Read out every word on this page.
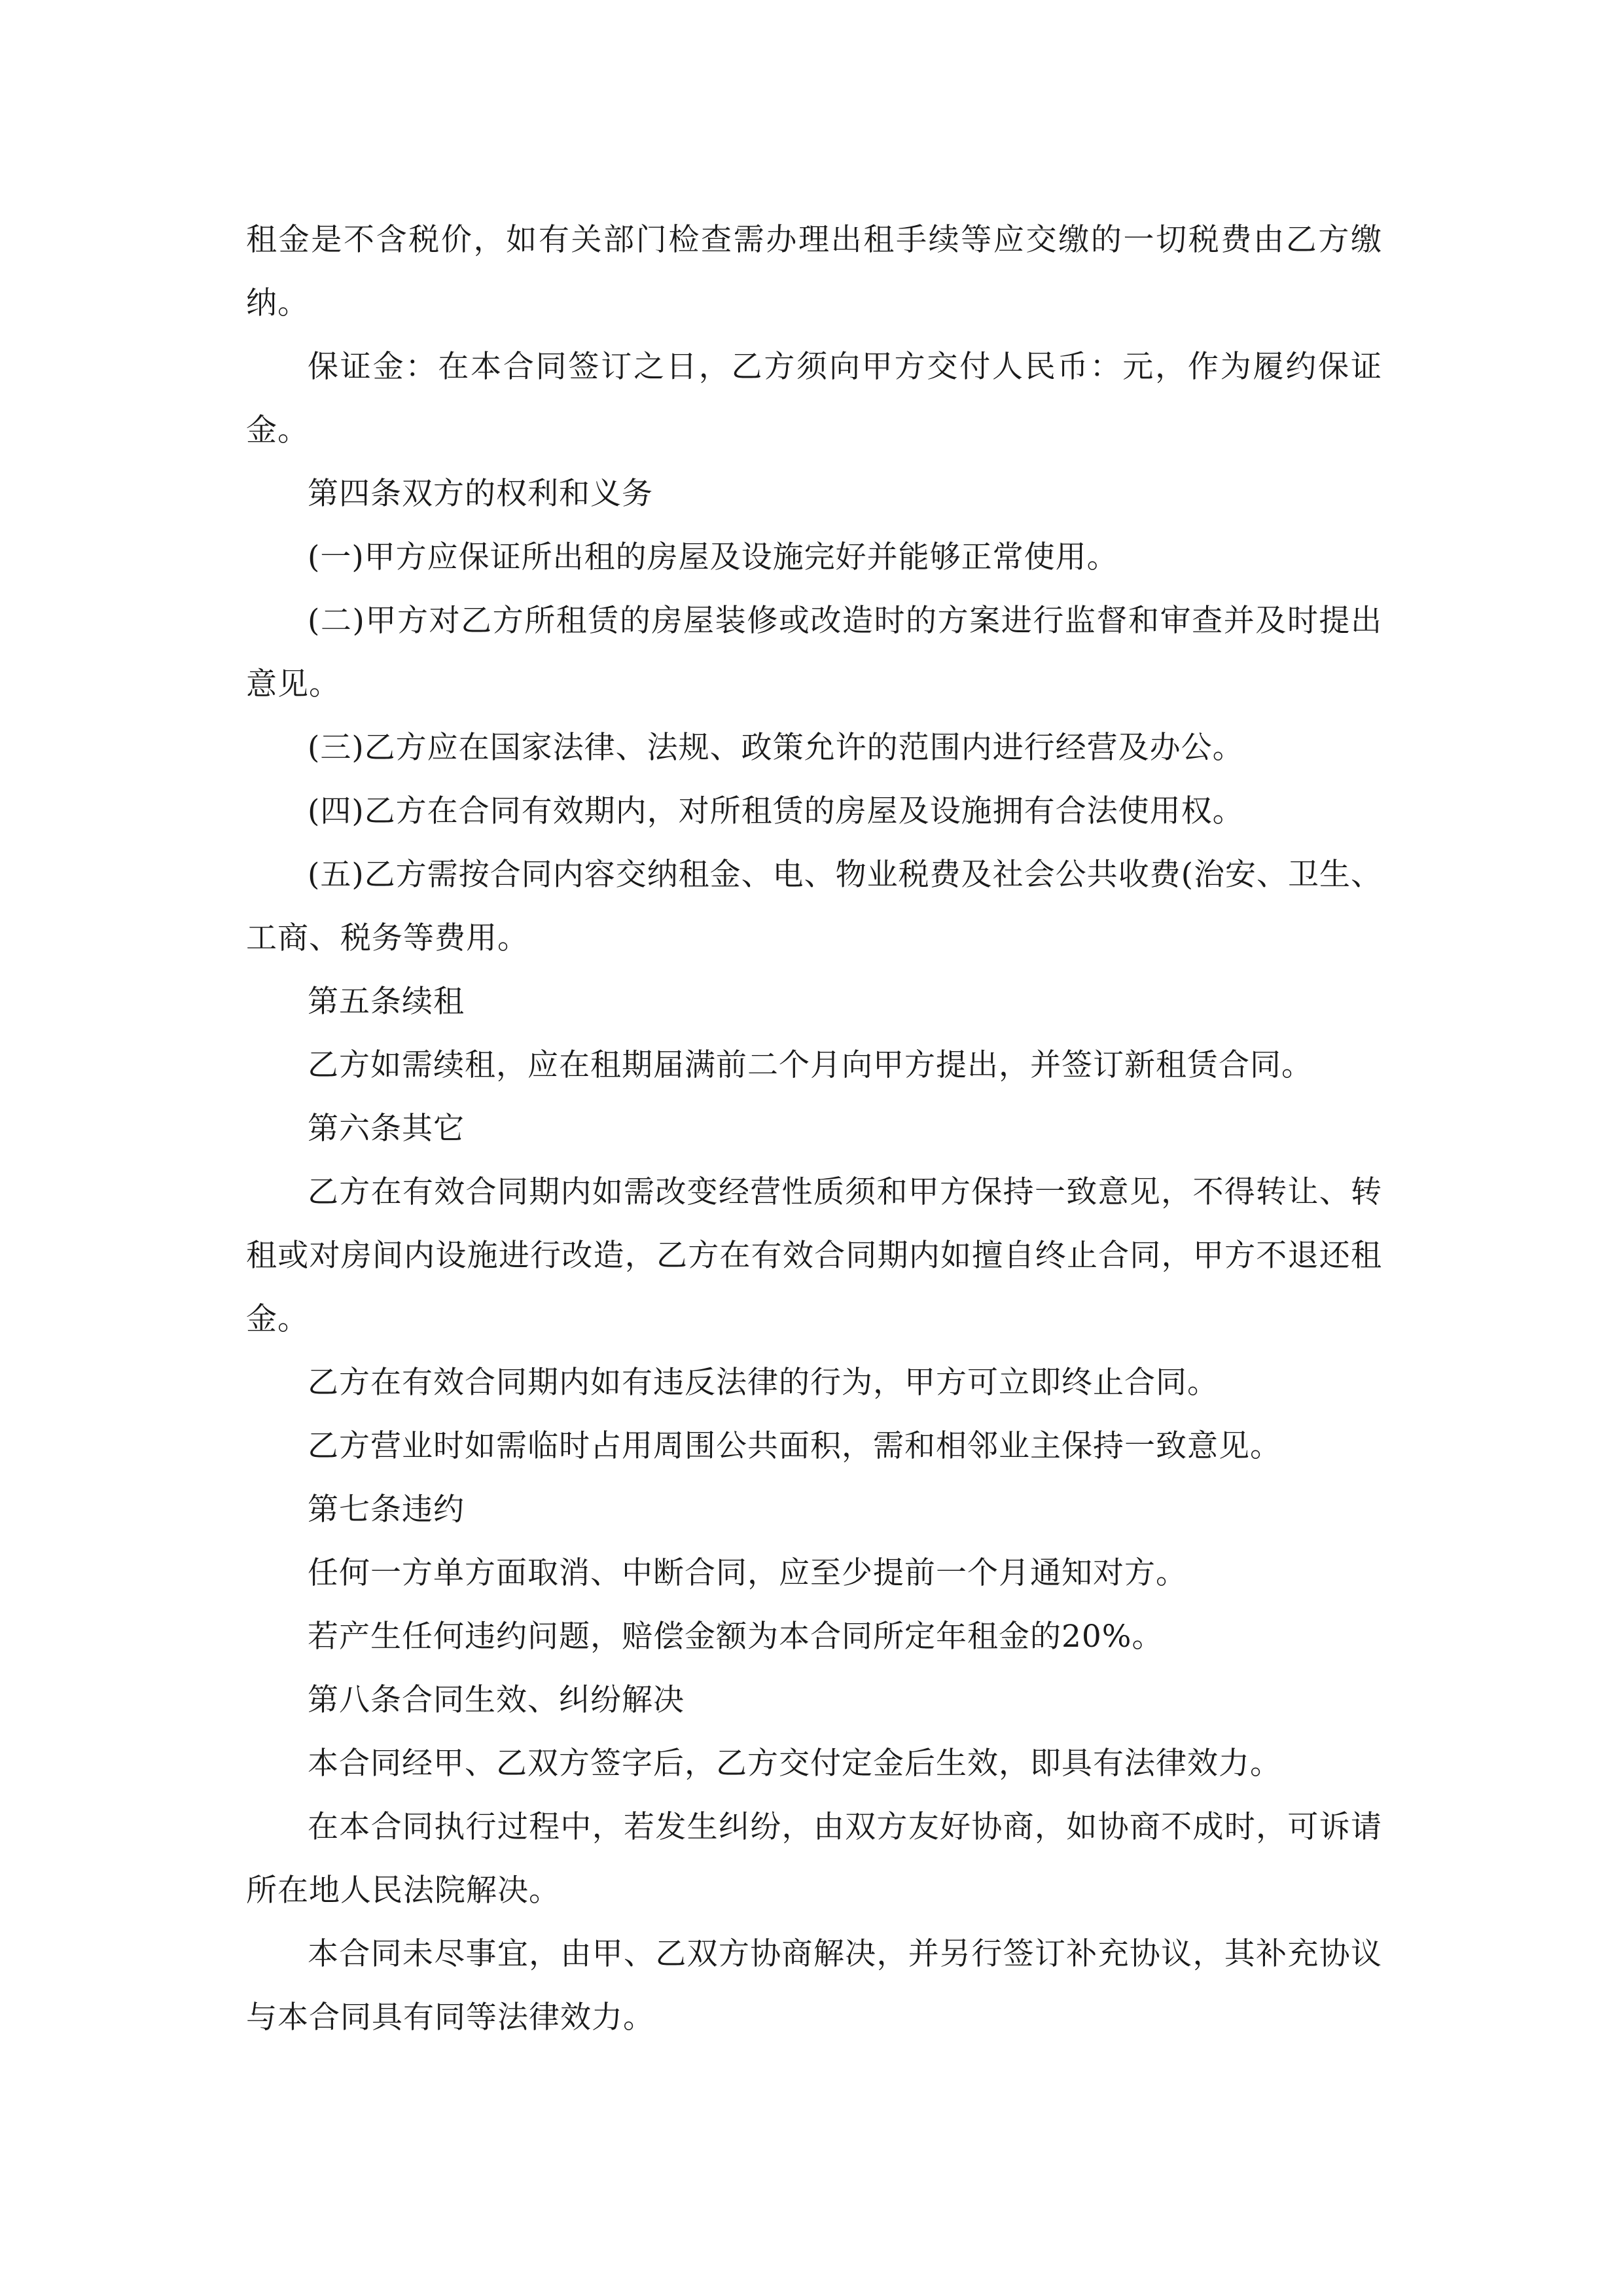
租金是不含税价，如有关部门检查需办理出租手续等应交缴的一切税费由乙方缴纳。

保证金：在本合同签订之日，乙方须向甲方交付人民币：元，作为履约保证金。

第四条双方的权利和义务

(一)甲方应保证所出租的房屋及设施完好并能够正常使用。

(二)甲方对乙方所租赁的房屋装修或改造时的方案进行监督和审查并及时提出意见。

(三)乙方应在国家法律、法规、政策允许的范围内进行经营及办公。

(四)乙方在合同有效期内，对所租赁的房屋及设施拥有合法使用权。

(五)乙方需按合同内容交纳租金、电、物业税费及社会公共收费(治安、卫生、工商、税务等费用。

第五条续租

乙方如需续租，应在租期届满前二个月向甲方提出，并签订新租赁合同。

第六条其它

乙方在有效合同期内如需改变经营性质须和甲方保持一致意见，不得转让、转租或对房间内设施进行改造，乙方在有效合同期内如擅自终止合同，甲方不退还租金。

乙方在有效合同期内如有违反法律的行为，甲方可立即终止合同。

乙方营业时如需临时占用周围公共面积，需和相邻业主保持一致意见。

第七条违约

任何一方单方面取消、中断合同，应至少提前一个月通知对方。

若产生任何违约问题，赔偿金额为本合同所定年租金的20%。

第八条合同生效、纠纷解决

本合同经甲、乙双方签字后，乙方交付定金后生效，即具有法律效力。

在本合同执行过程中，若发生纠纷，由双方友好协商，如协商不成时，可诉请所在地人民法院解决。

本合同未尽事宜，由甲、乙双方协商解决，并另行签订补充协议，其补充协议与本合同具有同等法律效力。
